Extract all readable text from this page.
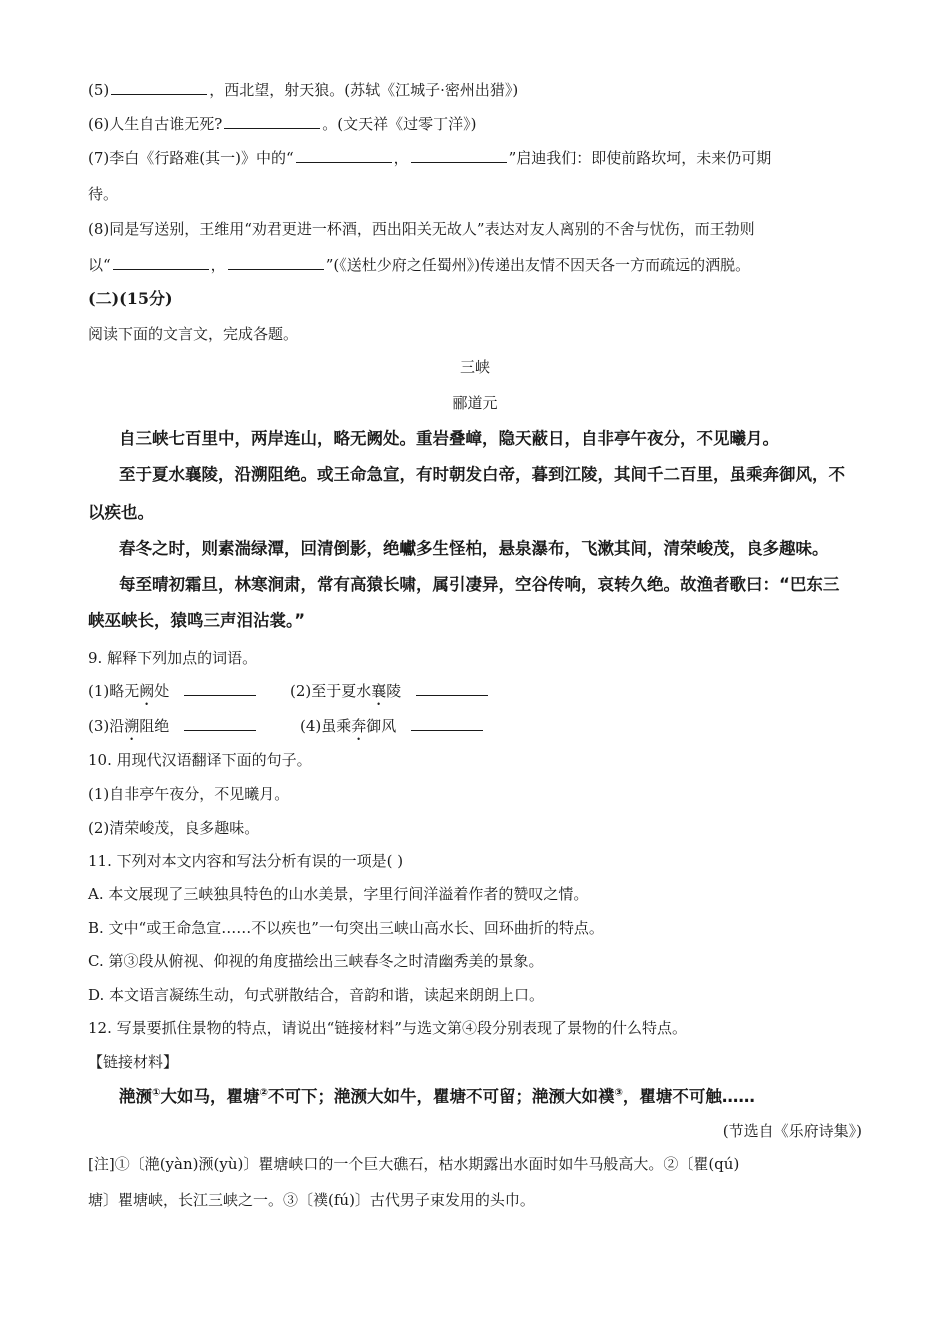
(5)	，西北望，射天狼。(苏轼《江城子·密州出猎》)
(6)人生自古谁无死?	。(文天祥《过零丁洋》)
(7)李白《行路难(其一)》中的“	，	”启迪我们：即使前路坎坷，未来仍可期
待。
(8)同是写送别，王维用“劝君更进一杯酒，西出阳关无故人”表达对友人离别的不舍与忧伤，而王勃则
以“	，	”(《送杜少府之任蜀州》)传递出友情不因天各一方而疏远的洒脱。
(二)(15分)
阅读下面的文言文，完成各题。
三峡
郦道元
自三峡七百里中，两岸连山，略无阙处。重岩叠嶂，隐天蔽日，自非亭午夜分，不见曦月。
至于夏水襄陵，沿溯阻绝。或王命急宣，有时朝发白帝，暮到江陵，其间千二百里，虽乘奔御风，不
以疾也。
春冬之时，则素湍绿潭，回清倒影，绝巘多生怪柏，悬泉瀑布，飞漱其间，清荣峻茂，良多趣味。
每至晴初霜旦，林寒涧肃，常有高猿长啸，属引凄异，空谷传响，哀转久绝。故渔者歌曰：“巴东三
峡巫峡长，猿鸣三声泪沾裳。”
9. 解释下列加点的词语。
(1)略无阙处	(2)至于夏水襄陵
(3)沿溯阻绝	(4)虽乘奔御风
10. 用现代汉语翻译下面的句子。
(1)自非亭午夜分，不见曦月。
(2)清荣峻茂，良多趣味。
11. 下列对本文内容和写法分析有误的一项是( )
A. 本文展现了三峡独具特色的山水美景，字里行间洋溢着作者的赞叹之情。
B. 文中“或王命急宣……不以疾也”一句突出三峡山高水长、回环曲折的特点。
C. 第③段从俯视、仰视的角度描绘出三峡春冬之时清幽秀美的景象。
D. 本文语言凝练生动，句式骈散结合，音韵和谐，读起来朗朗上口。
12. 写景要抓住景物的特点，请说出“链接材料”与选文第④段分别表现了景物的什么特点。
【链接材料】
滟滪①大如马，瞿塘②不可下；滟滪大如牛，瞿塘不可留；滟滪大如襆③，瞿塘不可触……
(节选自《乐府诗集》)
[注]①〔滟(yàn)滪(yù)〕瞿塘峡口的一个巨大礁石，枯水期露出水面时如牛马般高大。②〔瞿(qú)
塘〕瞿塘峡，长江三峡之一。③〔襆(fú)〕古代男子束发用的头巾。
